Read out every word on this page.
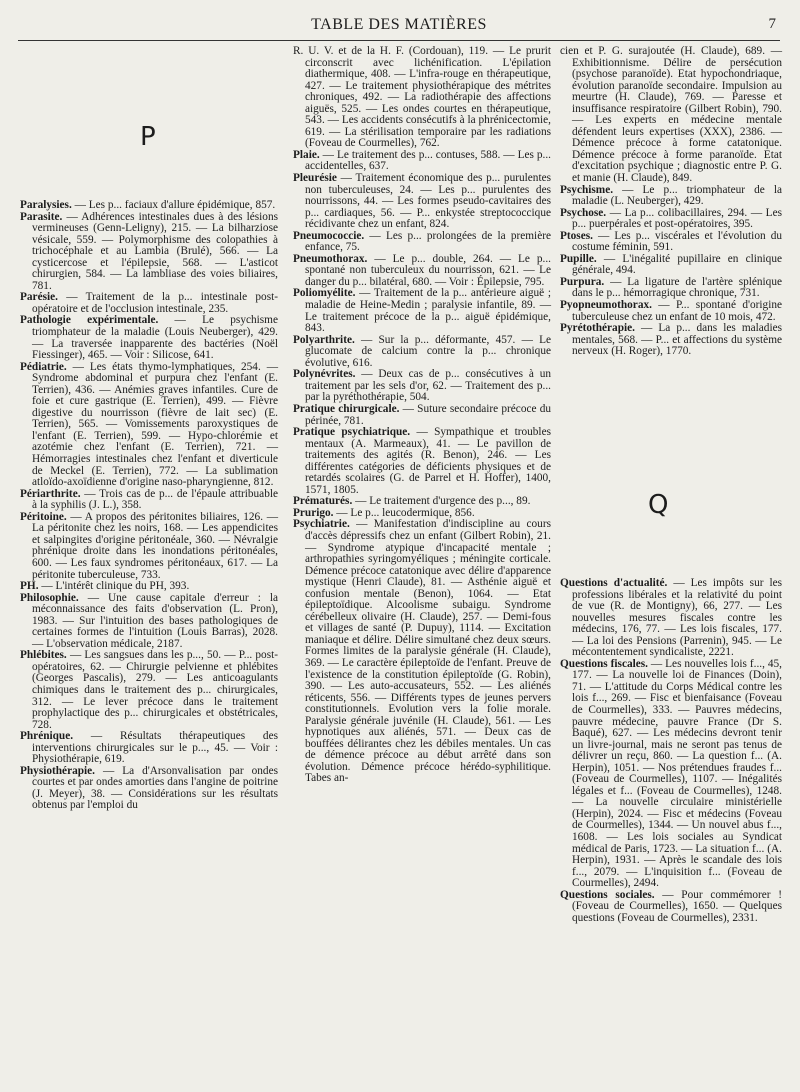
TABLE DES MATIÈRES	7
P
Q
Paralysies. — Les p... faciaux d'allure épidémique, 857.
Parasite. — Adhérences intestinales dues à des lésions vermineuses (Genn-Leligny), 215. — La bilharziose vésicale, 559. — Polymorphisme des colopathies à trichocéphale et au Lambia (Brulé), 566. — La cysticercose et l'épilepsie, 568. — L'asticot chirurgien, 584. — La lambliase des voies biliaires, 781.
Parésie. — Traitement de la p... intestinale post-opératoire et de l'occlusion intestinale, 235.
Pathologie expérimentale. — Le psychisme triomphateur de la maladie (Louis Neuberger), 429. — La traversée inapparente des bactéries (Noël Fiessinger), 465. — Voir : Silicose, 641.
Pédiatrie. — Les états thymo-lymphatiques, 254. — Syndrome abdominal et purpura chez l'enfant (E. Terrien), 436. — Anémies graves infantiles. Cure de foie et cure gastrique (E. Terrien), 499. — Fièvre digestive du nourrisson (fièvre de lait sec) (E. Terrien), 565. — Vomissements paroxystiques de l'enfant (E. Terrien), 599. — Hypo-chlorémie et azotémie chez l'enfant (E. Terrien), 721. — Hémorragies intestinales chez l'enfant et diverticule de Meckel (E. Terrien), 772. — La sublimation atloïdo-axoïdienne d'origine naso-pharyngienne, 812.
Périarthrite. — Trois cas de p... de l'épaule attribuable à la syphilis (J. L.), 358.
Péritoine. — A propos des péritonites biliaires, 126. — La péritonite chez les noirs, 168. — Les appendicites et salpingites d'origine péritonéale, 360. — Névralgie phrénique droite dans les inondations péritonéales, 600. — Les faux syndromes péritonéaux, 617. — La péritonite tuberculeuse, 733.
PH. — L'intérêt clinique du PH, 393.
Philosophie. — Une cause capitale d'erreur : la méconnaissance des faits d'observation (L. Pron), 1983. — Sur l'intuition des bases pathologiques de certaines formes de l'intuition (Louis Barras), 2028. — L'observation médicale, 2187.
Phlébites. — Les sangsues dans les p..., 50. — P... post-opératoires, 62. — Chirurgie pelvienne et phlébites (Georges Pascalis), 279. — Les anticoagulants chimiques dans le traitement des p... chirurgicales, 312. — Le lever précoce dans le traitement prophylactique des p... chirurgicales et obstétricales, 728.
Phrénique. — Résultats thérapeutiques des interventions chirurgicales sur le p..., 45. — Voir : Physiothérapie, 619.
Physiothérapie. — La d'Arsonvalisation par ondes courtes et par ondes amorties dans l'angine de poitrine (J. Meyer), 38. — Considérations sur les résultats obtenus par l'emploi du
R. U. V. et de la H. F. (Cordouan), 119. — Le prurit circonscrit avec lichénification. L'épilation diathermique, 408. — L'infra-rouge en thérapeutique, 427. — Le traitement physiothérapique des métrites chroniques, 492. — La radiothérapie des affections aiguës, 525. — Les ondes courtes en thérapeutique, 543. — Les accidents consécutifs à la phrénicectomie, 619. — La stérilisation temporaire par les radiations (Foveau de Courmelles), 762.
Plaie. — Le traitement des p... contuses, 588. — Les p... accidentelles, 637.
Pleurésie — Traitement économique des p... purulentes non tuberculeuses, 24. — Les p... purulentes des nourrissons, 44. — Les formes pseudo-cavitaires des p... cardiaques, 56. — P... enkystée streptococcique récidivante chez un enfant, 824.
Pneumococcie. — Les p... prolongées de la première enfance, 75.
Pneumothorax. — Le p... double, 264. — Le p... spontané non tuberculeux du nourrisson, 621. — Le danger du p... bilatéral, 680. — Voir : Épilepsie, 795.
Poliomyélite. — Traitement de la p... antérieure aiguë ; maladie de Heine-Medin ; paralysie infantile, 89. — Le traitement précoce de la p... aiguë épidémique, 843.
Polyarthrite. — Sur la p... déformante, 457. — Le glucomate de calcium contre la p... chronique évolutive, 616.
Polynévrites. — Deux cas de p... consécutives à un traitement par les sels d'or, 62. — Traitement des p... par la pyréthothérapie, 504.
Pratique chirurgicale. — Suture secondaire précoce du périnée, 781.
Pratique psychiatrique. — Sympathique et troubles mentaux (A. Marmeaux), 41. — Le pavillon de traitements des agités (R. Benon), 246. — Les différentes catégories de déficients physiques et de retardés scolaires (G. de Parrel et H. Hoffer), 1400, 1571, 1805.
Prématurés. — Le traitement d'urgence des p..., 89.
Prurigo. — Le p... leucodermique, 856.
Psychiatrie. — Manifestation d'indiscipline au cours d'accès dépressifs chez un enfant (Gilbert Robin), 21. — Syndrome atypique d'incapacité mentale ; arthropathies syringomyéliques ; méningite corticale. Démence précoce catatonique avec délire d'apparence mystique (Henri Claude), 81. — Asthénie aiguë et confusion mentale (Benon), 1064. — Etat épileptoïdique. Alcoolisme subaigu. Syndrome cérébelleux olivaire (H. Claude), 257. — Demi-fous et villages de santé (P. Dupuy), 1114. — Excitation maniaque et délire. Délire simultané chez deux sœurs. Formes limites de la paralysie générale (H. Claude), 369. — Le caractère épileptoïde de l'enfant. Preuve de l'existence de la constitution épileptoïde (G. Robin), 390. — Les auto-accusateurs, 552. — Les aliénés réticents, 556. — Différents types de jeunes pervers constitutionnels. Evolution vers la folie morale. Paralysie générale juvénile (H. Claude), 561. — Les hypnotiques aux aliénés, 571. — Deux cas de bouffées délirantes chez les débiles mentales. Un cas de démence précoce au début arrêté dans son évolution. Démence précoce hérédo-syphilitique. Tabes an-
cien et P. G. surajoutée (H. Claude), 689. — Exhibitionnisme. Délire de persécution (psychose paranoïde). Etat hypochondriaque, évolution paranoïde secondaire. Impulsion au meurtre (H. Claude), 769. — Paresse et insuffisance respiratoire (Gilbert Robin), 790. — Les experts en médecine mentale défendent leurs expertises (XXX), 2386. — Démence précoce à forme catatonique. Démence précoce à forme paranoïde. Etat d'excitation psychique ; diagnostic entre P. G. et manie (H. Claude), 849.
Psychisme. — Le p... triomphateur de la maladie (L. Neuberger), 429.
Psychose. — La p... colibacillaires, 294. — Les p... puerpérales et post-opératoires, 395.
Ptoses. — Les p... viscérales et l'évolution du costume féminin, 591.
Pupille. — L'inégalité pupillaire en clinique générale, 494.
Purpura. — La ligature de l'artère splénique dans le p... hémorragique chronique, 731.
Pyopneumothorax. — P... spontané d'origine tuberculeuse chez un enfant de 10 mois, 472.
Pyrétothérapie. — La p... dans les maladies mentales, 568. — P... et affections du système nerveux (H. Roger), 1770.
Questions d'actualité. — Les impôts sur les professions libérales et la relativité du point de vue (R. de Montigny), 66, 277. — Les nouvelles mesures fiscales contre les médecins, 176, 77. — Les lois fiscales, 177. — La loi des Pensions (Parrenin), 945. — Le mécontentement syndicaliste, 2221.
Questions fiscales. — Les nouvelles lois f..., 45, 177. — La nouvelle loi de Finances (Doin), 71. — L'attitude du Corps Médical contre les lois f..., 269. — Fisc et bienfaisance (Foveau de Courmelles), 333. — Pauvres médecins, pauvre médecine, pauvre France (Dr S. Baqué), 627. — Les médecins devront tenir un livre-journal, mais ne seront pas tenus de délivrer un reçu, 860. — La question f... (A. Herpin), 1051. — Nos prétendues fraudes f... (Foveau de Courmelles), 1107. — Inégalités légales et f... (Foveau de Courmelles), 1248. — La nouvelle circulaire ministérielle (Herpin), 2024. — Fisc et médecins (Foveau de Courmelles), 1344. — Un nouvel abus f..., 1608. — Les lois sociales au Syndicat médical de Paris, 1723. — La situation f... (A. Herpin), 1931. — Après le scandale des lois f..., 2079. — L'inquisition f... (Foveau de Courmelles), 2494.
Questions sociales. — Pour commémorer ! (Foveau de Courmelles), 1650. — Quelques questions (Foveau de Courmelles), 2331.
